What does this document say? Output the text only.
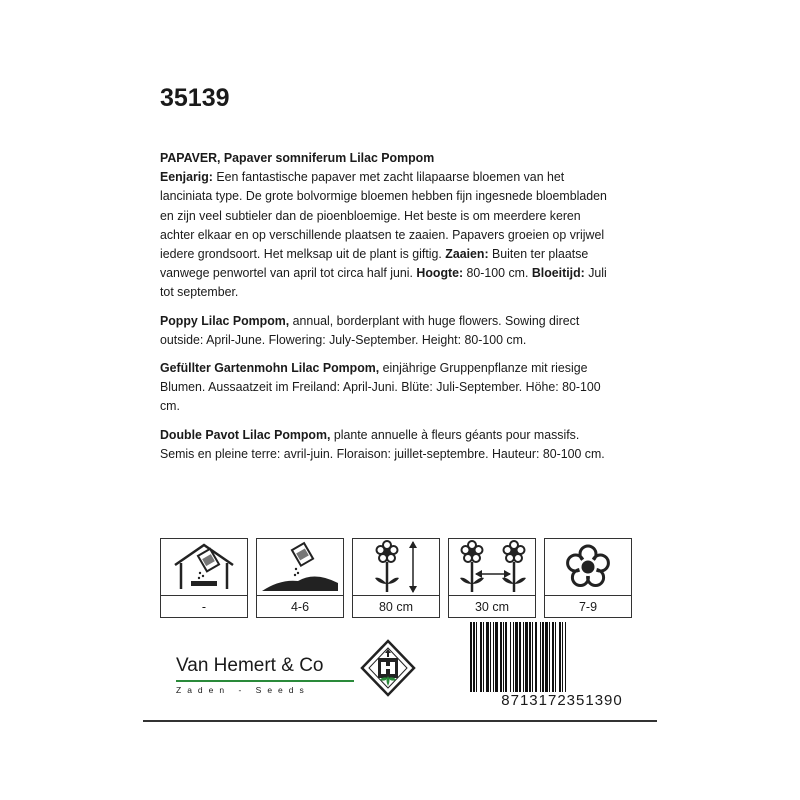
35139

PAPAVER, Papaver somniferum Lilac Pompom
Eenjarig: Een fantastische papaver met zacht lilapaarse bloemen van het lanciniata type. De grote bolvormige bloemen hebben fijn ingesnede bloembladen en zijn veel subtieler dan de pioenbloemige. Het beste is om meerdere keren achter elkaar en op verschillende plaatsen te zaaien. Papavers groeien op vrijwel iedere grondsoort. Het melksap uit de plant is giftig. Zaaien: Buiten ter plaatse vanwege penwortel van april tot circa half juni. Hoogte: 80-100 cm. Bloeitijd: Juli tot september.

Poppy Lilac Pompom, annual, borderplant with huge flowers. Sowing direct outside: April-June. Flowering: July-September. Height: 80-100 cm.

Gefüllter Gartenmohn Lilac Pompom, einjährige Gruppenpflanze mit riesige Blumen. Aussaatzeit im Freiland: April-Juni. Blüte: Juli-September. Höhe: 80-100 cm.

Double Pavot Lilac Pompom, plante annuelle à fleurs géants pour massifs. Semis en pleine terre: avril-juin. Floraison: juillet-septembre. Hauteur: 80-100 cm.

-	4-6	80 cm	30 cm	7-9
Van Hemert & Co
Zaden - Seeds
8713172351390
